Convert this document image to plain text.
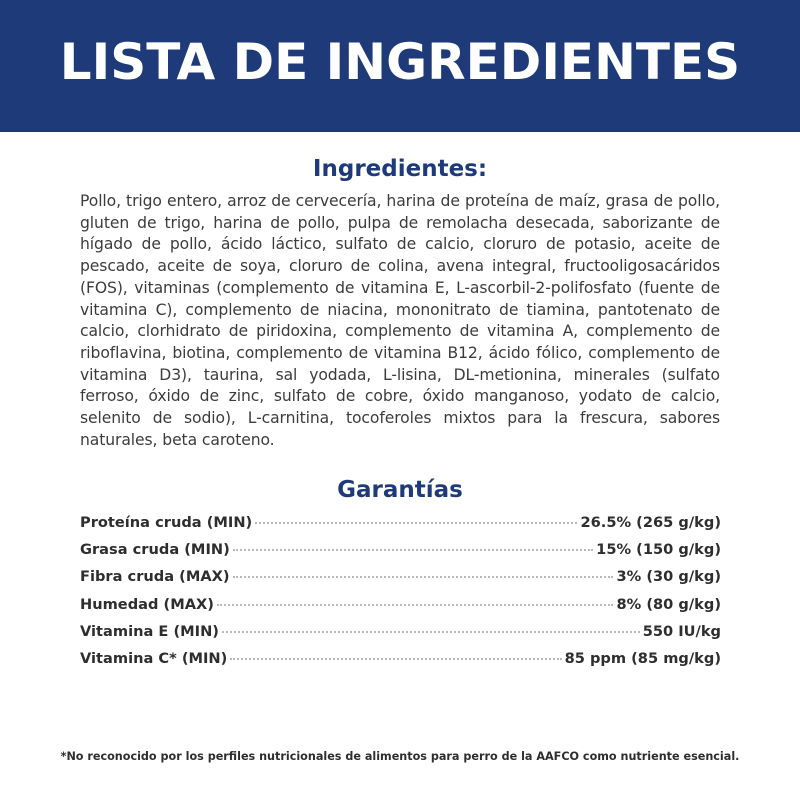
LISTA DE INGREDIENTES
Ingredientes:
Pollo, trigo entero, arroz de cervecería, harina de proteína de maíz, grasa de pollo, gluten de trigo, harina de pollo, pulpa de remolacha desecada, saborizante de hígado de pollo, ácido láctico, sulfato de calcio, cloruro de potasio, aceite de pescado, aceite de soya, cloruro de colina, avena integral, fructooligosacáridos (FOS), vitaminas (complemento de vitamina E, L-ascorbil-2-polifosfato (fuente de vitamina C), complemento de niacina, mononitrato de tiamina, pantotenato de calcio, clorhidrato de piridoxina, complemento de vitamina A, complemento de riboflavina, biotina, complemento de vitamina B12, ácido fólico, complemento de vitamina D3), taurina, sal yodada, L-lisina, DL-metionina, minerales (sulfato ferroso, óxido de zinc, sulfato de cobre, óxido manganoso, yodato de calcio, selenito de sodio), L-carnitina, tocoferoles mixtos para la frescura, sabores naturales, beta caroteno.
Garantías
Proteína cruda (MIN)	26.5% (265 g/kg)
Grasa cruda (MIN)	15% (150 g/kg)
Fibra cruda (MAX)	3% (30 g/kg)
Humedad (MAX)	8% (80 g/kg)
Vitamina E (MIN)	550 IU/kg
Vitamina C* (MIN)	85 ppm (85 mg/kg)
*No reconocido por los perfiles nutricionales de alimentos para perro de la AAFCO como nutriente esencial.
